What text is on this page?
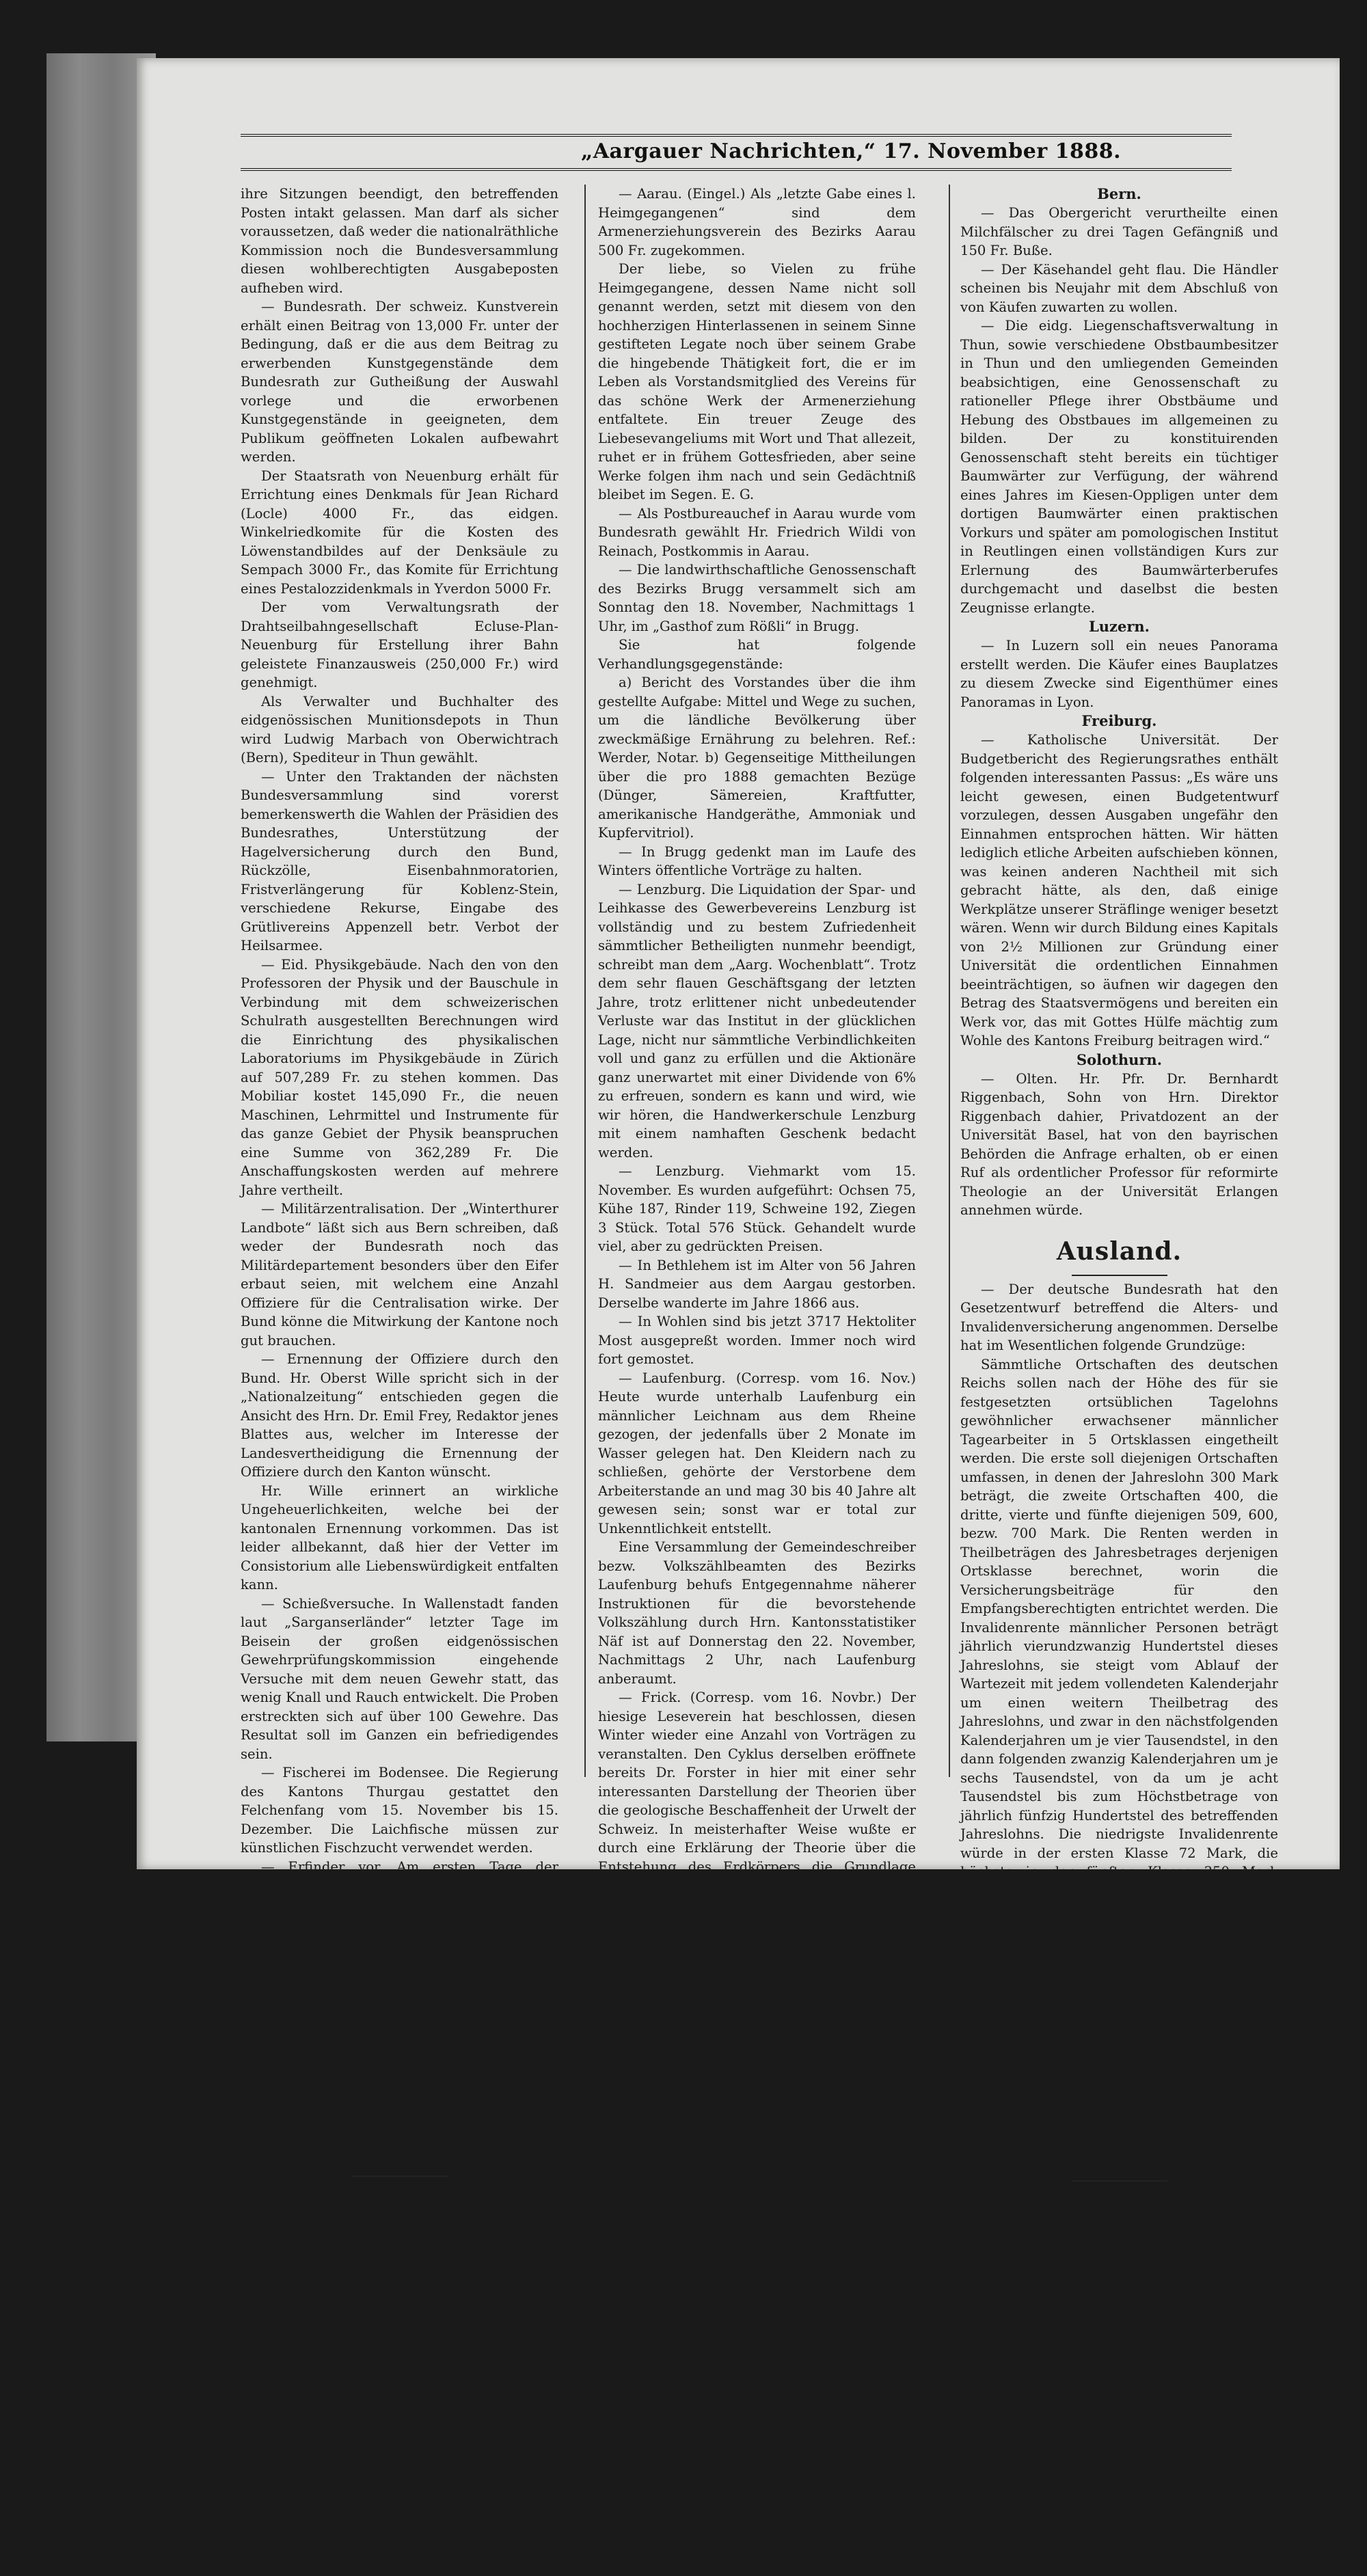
„Aargauer Nachrichten,“ 17. November 1888.

ihre Sitzungen beendigt, den betreffenden Posten intakt gelassen. Man darf als sicher voraussetzen, daß weder die nationalräthliche Kommission noch die Bundesversammlung diesen wohlberechtigten Ausgabeposten aufheben wird.

— Bundesrath. Der schweiz. Kunstverein erhält einen Beitrag von 13,000 Fr. unter der Bedingung, daß er die aus dem Beitrag zu erwerbenden Kunstgegenstände dem Bundesrath zur Gutheißung der Auswahl vorlege und die erworbenen Kunstgegenstände in geeigneten, dem Publikum geöffneten Lokalen aufbewahrt werden.

Der Staatsrath von Neuenburg erhält für Errichtung eines Denkmals für Jean Richard (Locle) 4000 Fr., das eidgen. Winkelriedkomite für die Kosten des Löwenstandbildes auf der Denksäule zu Sempach 3000 Fr., das Komite für Errichtung eines Pestalozzidenkmals in Yverdon 5000 Fr.

Der vom Verwaltungsrath der Drahtseilbahngesellschaft Ecluse-Plan-Neuenburg für Erstellung ihrer Bahn geleistete Finanzausweis (250,000 Fr.) wird genehmigt.

Als Verwalter und Buchhalter des eidgenössischen Munitionsdepots in Thun wird Ludwig Marbach von Oberwichtrach (Bern), Spediteur in Thun gewählt.

— Unter den Traktanden der nächsten Bundesversammlung sind vorerst bemerkenswerth die Wahlen der Präsidien des Bundesrathes, Unterstützung der Hagelversicherung durch den Bund, Rückzölle, Eisenbahnmoratorien, Fristverlängerung für Koblenz-Stein, verschiedene Rekurse, Eingabe des Grütlivereins Appenzell betr. Verbot der Heilsarmee.

— Eid. Physikgebäude. Nach den von den Professoren der Physik und der Bauschule in Verbindung mit dem schweizerischen Schulrath ausgestellten Berechnungen wird die Einrichtung des physikalischen Laboratoriums im Physikgebäude in Zürich auf 507,289 Fr. zu stehen kommen. Das Mobiliar kostet 145,090 Fr., die neuen Maschinen, Lehrmittel und Instrumente für das ganze Gebiet der Physik beanspruchen eine Summe von 362,289 Fr. Die Anschaffungskosten werden auf mehrere Jahre vertheilt.

— Militärzentralisation. Der „Winterthurer Landbote“ läßt sich aus Bern schreiben, daß weder der Bundesrath noch das Militärdepartement besonders über den Eifer erbaut seien, mit welchem eine Anzahl Offiziere für die Centralisation wirke. Der Bund könne die Mitwirkung der Kantone noch gut brauchen.

— Ernennung der Offiziere durch den Bund. Hr. Oberst Wille spricht sich in der „Nationalzeitung“ entschieden gegen die Ansicht des Hrn. Dr. Emil Frey, Redaktor jenes Blattes aus, welcher im Interesse der Landesvertheidigung die Ernennung der Offiziere durch den Kanton wünscht.

Hr. Wille erinnert an wirkliche Ungeheuerlichkeiten, welche bei der kantonalen Ernennung vorkommen. Das ist leider allbekannt, daß hier der Vetter im Consistorium alle Liebenswürdigkeit entfalten kann.

— Schießversuche. In Wallenstadt fanden laut „Sarganserländer“ letzter Tage im Beisein der großen eidgenössischen Gewehrprüfungskommission eingehende Versuche mit dem neuen Gewehr statt, das wenig Knall und Rauch entwickelt. Die Proben erstreckten sich auf über 100 Gewehre. Das Resultat soll im Ganzen ein befriedigendes sein.

— Fischerei im Bodensee. Die Regierung des Kantons Thurgau gestattet den Felchenfang vom 15. November bis 15. Dezember. Die Laichfische müssen zur künstlichen Fischzucht verwendet werden.

— Erfinder vor. Am ersten Tage der Eröffnung des Amtes für geistiges Eigenthum sind schon ca. zwei Dutzend Erfindungspatente ertheilt worden.

— Für das schweizerische Idiotikon ist für das Jahr 1889 ein Bundesbeitrag von 5000 Fr. in Aussicht genommen. Die Einnahmen belaufen sich, mit Einschluß der Beiträge der Regierungen des Kantons Zürich und der antiquarischen Gesellschaft, auf 2600 Fr., die Ausgaben auf 8500 Fr., es würde also noch ein Defizit von 900 Fr. zu decken sein. Im kommenden Jahre werden die Hefte 14 bis und mit 16 erscheinen.

Kantonales.
Aargau.

— Der Voranschlag der Gemeinde Aarau. Die Einwohner der Gemeinde Aarau erhalten jährlich einen umfangreichen gedruckten Voranschlag nebst Begleitbericht des Gemeinderathes.

Der Voranschlag pro 1889 sieht an Einnahmen vor im Schulverwaltung Fr. 27,000, das Polizeiwesen Fr. 72,075, die Steuerkasse Fr. 219,100, zusammen Fr. 318,475.

Diesem stehen an Ausgaben gegenüber für das Schulwesen Fr. 135,500, Polizeikassenverwaltung Fr. 182,475 und Verschiedenes Fr. 500.

— Aarau. (Eingel.) Der löbl. Bürgerturnverein Aarau hat die Zöglinge der Taubstummenanstalt eingeladen, der am Sonntag stattfindenden Vorstellung im Saalbau gratis beizuwohnen, was bei jedem Menschenfreund Anerkennung finden wird.

— Aarau. (Eingel.) Als „letzte Gabe eines l. Heimgegangenen“ sind dem Armenerziehungsverein des Bezirks Aarau 500 Fr. zugekommen.

Der liebe, so Vielen zu frühe Heimgegangene, dessen Name nicht soll genannt werden, setzt mit diesem von den hochherzigen Hinterlassenen in seinem Sinne gestifteten Legate noch über seinem Grabe die hingebende Thätigkeit fort, die er im Leben als Vorstandsmitglied des Vereins für das schöne Werk der Armenerziehung entfaltete. Ein treuer Zeuge des Liebesevangeliums mit Wort und That allezeit, ruhet er in frühem Gottesfrieden, aber seine Werke folgen ihm nach und sein Gedächtniß bleibet im Segen. E. G.

— Als Postbureauchef in Aarau wurde vom Bundesrath gewählt Hr. Friedrich Wildi von Reinach, Postkommis in Aarau.

— Die landwirthschaftliche Genossenschaft des Bezirks Brugg versammelt sich am Sonntag den 18. November, Nachmittags 1 Uhr, im „Gasthof zum Rößli“ in Brugg.

Sie hat folgende Verhandlungsgegenstände:

a) Bericht des Vorstandes über die ihm gestellte Aufgabe: Mittel und Wege zu suchen, um die ländliche Bevölkerung über zweckmäßige Ernährung zu belehren. Ref.: Werder, Notar. b) Gegenseitige Mittheilungen über die pro 1888 gemachten Bezüge (Dünger, Sämereien, Kraftfutter, amerikanische Handgeräthe, Ammoniak und Kupfervitriol).

— In Brugg gedenkt man im Laufe des Winters öffentliche Vorträge zu halten.

— Lenzburg. Die Liquidation der Spar- und Leihkasse des Gewerbevereins Lenzburg ist vollständig und zu bestem Zufriedenheit sämmtlicher Betheiligten nunmehr beendigt, schreibt man dem „Aarg. Wochenblatt“. Trotz dem sehr flauen Geschäftsgang der letzten Jahre, trotz erlittener nicht unbedeutender Verluste war das Institut in der glücklichen Lage, nicht nur sämmtliche Verbindlichkeiten voll und ganz zu erfüllen und die Aktionäre ganz unerwartet mit einer Dividende von 6% zu erfreuen, sondern es kann und wird, wie wir hören, die Handwerkerschule Lenzburg mit einem namhaften Geschenk bedacht werden.

— Lenzburg. Viehmarkt vom 15. November. Es wurden aufgeführt: Ochsen 75, Kühe 187, Rinder 119, Schweine 192, Ziegen 3 Stück. Total 576 Stück. Gehandelt wurde viel, aber zu gedrückten Preisen.

— In Bethlehem ist im Alter von 56 Jahren H. Sandmeier aus dem Aargau gestorben. Derselbe wanderte im Jahre 1866 aus.

— In Wohlen sind bis jetzt 3717 Hektoliter Most ausgepreßt worden. Immer noch wird fort gemostet.

— Laufenburg. (Corresp. vom 16. Nov.) Heute wurde unterhalb Laufenburg ein männlicher Leichnam aus dem Rheine gezogen, der jedenfalls über 2 Monate im Wasser gelegen hat. Den Kleidern nach zu schließen, gehörte der Verstorbene dem Arbeiterstande an und mag 30 bis 40 Jahre alt gewesen sein; sonst war er total zur Unkenntlichkeit entstellt.

Eine Versammlung der Gemeindeschreiber bezw. Volkszählbeamten des Bezirks Laufenburg behufs Entgegennahme näherer Instruktionen für die bevorstehende Volkszählung durch Hrn. Kantonsstatistiker Näf ist auf Donnerstag den 22. November, Nachmittags 2 Uhr, nach Laufenburg anberaumt.

— Frick. (Corresp. vom 16. Novbr.) Der hiesige Leseverein hat beschlossen, diesen Winter wieder eine Anzahl von Vorträgen zu veranstalten. Den Cyklus derselben eröffnete bereits Dr. Forster in hier mit einer sehr interessanten Darstellung der Theorien über die geologische Beschaffenheit der Urwelt der Schweiz. In meisterhafter Weise wußte er durch eine Erklärung der Theorie über die Entstehung des Erdkörpers die Grundlage zum Vortrage zu finden, dem nun eine Reihe anderer über die Schweiz folgen sollen.

— Mumpf. (Eingesdt.) Um die Erklärung des Pfarrers in Mumpf in's richtige Licht zu setzen, findet sich der Einsender in Nr. 266 d. Bl. veranlaßt, des Weitern hinzuzufügen, daß die gemachte Mittheilung am Hochzeitstage allgemein besprochen wurde und heute noch aufrecht erhalten wird, um so mehr, als die nächsten Verwandten des Brautpaares, die nebst diesem ihre altkatholische Gesinnung niemals verhehlten, sie im Umlauf gesetzt haben.

Der Einsender und mit ihm viele schenken heute noch den Letztern mehr Glaubwürdigkeit als dem fraglichen Pfarramte.

Zürich.

— Eine eigenthümliche Spekulationswuth herrschte eine Zeit hindurch in Zürich. Es hofften nämlich eine Anzahl Geschäftsleute, die zum Theil rentable Geschäfte betrieben, schnell reich zu werden, indem sie große Quantitäten Kaffee einkauften und auf Hausse spekulirten, wozu sie durch gewisse Agenten animirt wurden. Allein das Spekulationsfieber nahm bei allen ein Ende mit Schrecken. Zwei der Spekulanten endeten mit Selbstmord, zwei weitere geriethen in Konkurs und ein anderer akkordirte, indem er seinen Gläubigern zehn Prozent anbot.

Bern.

— Das Obergericht verurtheilte einen Milchfälscher zu drei Tagen Gefängniß und 150 Fr. Buße.

— Der Käsehandel geht flau. Die Händler scheinen bis Neujahr mit dem Abschluß von von Käufen zuwarten zu wollen.

— Die eidg. Liegenschaftsverwaltung in Thun, sowie verschiedene Obstbaumbesitzer in Thun und den umliegenden Gemeinden beabsichtigen, eine Genossenschaft zu rationeller Pflege ihrer Obstbäume und Hebung des Obstbaues im allgemeinen zu bilden. Der zu konstituirenden Genossenschaft steht bereits ein tüchtiger Baumwärter zur Verfügung, der während eines Jahres im Kiesen-Oppligen unter dem dortigen Baumwärter einen praktischen Vorkurs und später am pomologischen Institut in Reutlingen einen vollständigen Kurs zur Erlernung des Baumwärterberufes durchgemacht und daselbst die besten Zeugnisse erlangte.

Luzern.

— In Luzern soll ein neues Panorama erstellt werden. Die Käufer eines Bauplatzes zu diesem Zwecke sind Eigenthümer eines Panoramas in Lyon.

Freiburg.

— Katholische Universität. Der Budgetbericht des Regierungsrathes enthält folgenden interessanten Passus: „Es wäre uns leicht gewesen, einen Budgetentwurf vorzulegen, dessen Ausgaben ungefähr den Einnahmen entsprochen hätten. Wir hätten lediglich etliche Arbeiten aufschieben können, was keinen anderen Nachtheil mit sich gebracht hätte, als den, daß einige Werkplätze unserer Sträflinge weniger besetzt wären. Wenn wir durch Bildung eines Kapitals von 2½ Millionen zur Gründung einer Universität die ordentlichen Einnahmen beeinträchtigen, so äufnen wir dagegen den Betrag des Staatsvermögens und bereiten ein Werk vor, das mit Gottes Hülfe mächtig zum Wohle des Kantons Freiburg beitragen wird.“

Solothurn.

— Olten. Hr. Pfr. Dr. Bernhardt Riggenbach, Sohn von Hrn. Direktor Riggenbach dahier, Privatdozent an der Universität Basel, hat von den bayrischen Behörden die Anfrage erhalten, ob er einen Ruf als ordentlicher Professor für reformirte Theologie an der Universität Erlangen annehmen würde.

Ausland.

— Der deutsche Bundesrath hat den Gesetzentwurf betreffend die Alters- und Invalidenversicherung angenommen. Derselbe hat im Wesentlichen folgende Grundzüge:

Sämmtliche Ortschaften des deutschen Reichs sollen nach der Höhe des für sie festgesetzten ortsüblichen Tagelohns gewöhnlicher erwachsener männlicher Tagearbeiter in 5 Ortsklassen eingetheilt werden. Die erste soll diejenigen Ortschaften umfassen, in denen der Jahreslohn 300 Mark beträgt, die zweite Ortschaften 400, die dritte, vierte und fünfte diejenigen 509, 600, bezw. 700 Mark. Die Renten werden in Theilbeträgen des Jahresbetrages derjenigen Ortsklasse berechnet, worin die Versicherungsbeiträge für den Empfangsberechtigten entrichtet werden. Die Invalidenrente männlicher Personen beträgt jährlich vierundzwanzig Hundertstel dieses Jahreslohns, sie steigt vom Ablauf der Wartezeit mit jedem vollendeten Kalenderjahr um einen weitern Theilbetrag des Jahreslohns, und zwar in den nächstfolgenden Kalenderjahren um je vier Tausendstel, in den dann folgenden zwanzig Kalenderjahren um je sechs Tausendstel, von da um je acht Tausendstel bis zum Höchstbetrage von jährlich fünfzig Hundertstel des betreffenden Jahreslohns. Die niedrigste Invalidenrente würde in der ersten Klasse 72 Mark, die höchste in der fünften Klasse 350 Mark betragen. Die Altersrente für männliche Personen soll jährlich vierundzwanzig Hundertstel des Jahreslohns betragen, also in der ersten Klasse 72, in der fünften 168 Mark.

— Zwischen dem deutschen und dem italienischen Generalstabe besteht ein lebhafter Gedankenaustausch. Graf Walderfee scheint die Italiener zu instruiren und für kommende Dinge bereit zu machen. Er hat die beschleunigte Aufstellung einer Armee von 300,000 Mann in Oberitalien gewünscht. Walderfee kennt den Gotthard und die Alpenthäler aus eigener Anschauung.

Allerlei Neuigkeiten.

— Die Redaktion des „Basler Tagblattes“ hat Herr Kasimir Näber aus dem Kanton Luzern übernommen. Derselbe war 1886—87 an den „Aargauer Nachrichten“ bethätigt.

— Die Heilsarmee macht im Bezirk Ufter Fortschritte. Der ersten Niederlassung in Mönchaltorf, die vor einigen Monaten stattfand, folgt nun diejenige in Maur, und auch Ufter soll zur Ablagerungsstätte dieses religiösen Humbugs ausersehen sein.

— Die Grütlivereinssektion Biel soll für ihre am 18. d. stattfindende Novemberfeier auf Verlangen des
